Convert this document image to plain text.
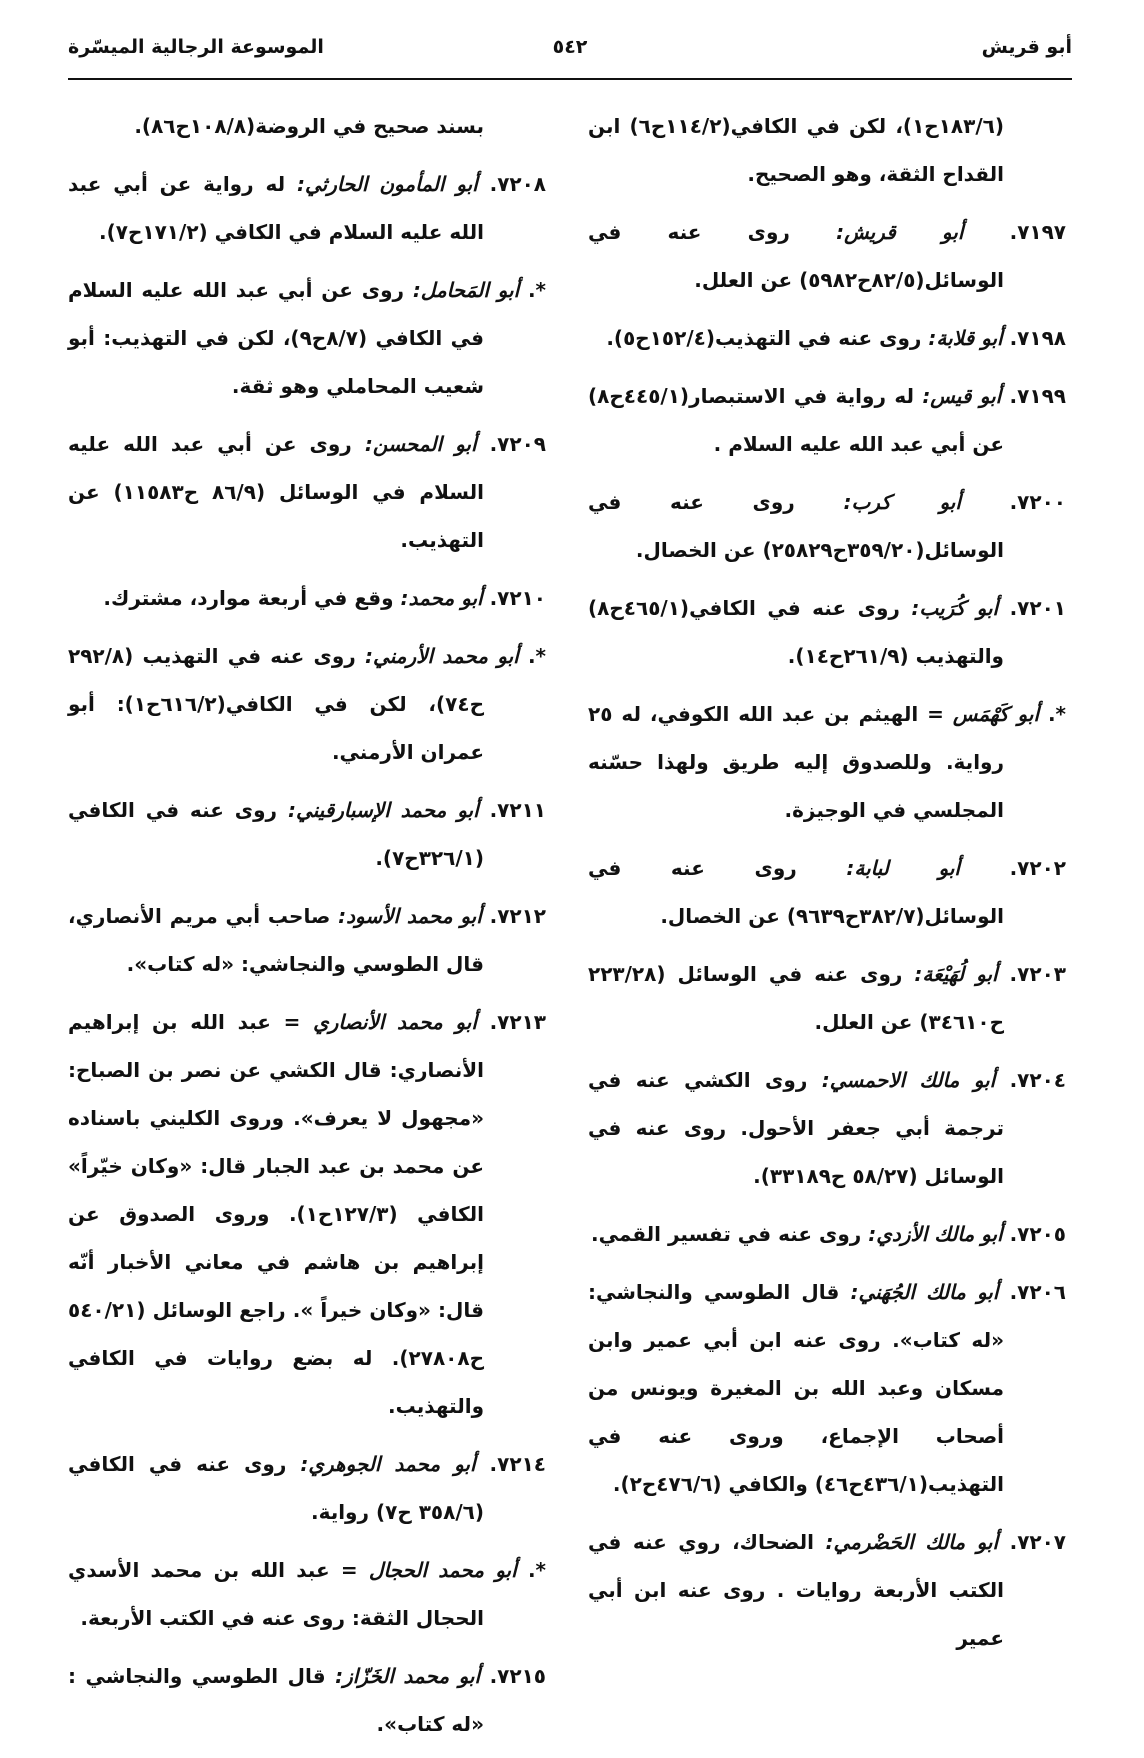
أبو قريش
٥٤٢
الموسوعة الرجالية الميسّرة

(١٨٣/٦ح١)، لكن في الكافي(١١٤/٢ح٦) ابن القداح الثقة، وهو الصحيح.

٧١٩٧. أبو قريش: روى عنه في الوسائل(٨٢/٥ح٥٩٨٢) عن العلل.

٧١٩٨. أبو قلابة: روى عنه في التهذيب(١٥٢/٤ح٥).

٧١٩٩. أبو قيس: له رواية في الاستبصار(٤٤٥/١ح٨) عن أبي عبد الله عليه السلام .

٧٢٠٠. أبو كرب: روى عنه في الوسائل(٣٥٩/٢٠ح٢٥٨٢٩) عن الخصال.

٧٢٠١. أبو كُرَيب: روى عنه في الكافي(٤٦٥/١ح٨) والتهذيب (٢٦١/٩ح١٤).

*. أبو كَهْمَس = الهيثم بن عبد الله الكوفي، له ٢٥ رواية. وللصدوق إليه طريق ولهذا حسّنه المجلسي في الوجيزة.

٧٢٠٢. أبو لبابة: روى عنه في الوسائل(٣٨٢/٧ح٩٦٣٩) عن الخصال.

٧٢٠٣. أبو لُهَيْعَة: روى عنه في الوسائل (٢٢٣/٢٨ ح٣٤٦١٠) عن العلل.

٧٢٠٤. أبو مالك الاحمسي: روى الكشي عنه في ترجمة أبي جعفر الأحول. روى عنه في الوسائل (٥٨/٢٧ ح٣٣١٨٩).

٧٢٠٥. أبو مالك الأزدي: روى عنه في تفسير القمي.

٧٢٠٦. أبو مالك الجُهَني: قال الطوسي والنجاشي: «له كتاب». روى عنه ابن أبي عمير وابن مسكان وعبد الله بن المغيرة ويونس من أصحاب الإجماع، وروى عنه في التهذيب(٤٣٦/١ح٤٦) والكافي (٤٧٦/٦ح٢).

٧٢٠٧. أبو مالك الحَضْرمي: الضحاك، روي عنه في الكتب الأربعة روايات . روى عنه ابن أبي عمير

بسند صحيح في الروضة(١٠٨/٨ح٨٦).

٧٢٠٨. أبو المأمون الحارثي: له رواية عن أبي عبد الله عليه السلام في الكافي (١٧١/٢ح٧).

*. أبو المَحامل: روى عن أبي عبد الله عليه السلام في الكافي (٨/٧ح٩)، لكن في التهذيب: أبو شعيب المحاملي وهو ثقة.

٧٢٠٩. أبو المحسن: روى عن أبي عبد الله عليه السلام في الوسائل (٨٦/٩ ح١١٥٨٣) عن التهذيب.

٧٢١٠. أبو محمد: وقع في أربعة موارد، مشترك.

*. أبو محمد الأرمني: روى عنه في التهذيب (٢٩٢/٨ ح٧٤)، لكن في الكافي(٦١٦/٢ح١): أبو عمران الأرمني.

٧٢١١. أبو محمد الإسبارقيني: روى عنه في الكافي (٣٢٦/١ح٧).

٧٢١٢. أبو محمد الأسود: صاحب أبي مريم الأنصاري، قال الطوسي والنجاشي: «له كتاب».

٧٢١٣. أبو محمد الأنصاري = عبد الله بن إبراهيم الأنصاري: قال الكشي عن نصر بن الصباح: «مجهول لا يعرف». وروى الكليني باسناده عن محمد بن عبد الجبار قال: «وكان خيّراً» الكافي (١٢٧/٣ح١). وروى الصدوق عن إبراهيم بن هاشم في معاني الأخبار أنّه قال: «وكان خيراً ». راجع الوسائل (٥٤٠/٢١ ح٢٧٨٠٨). له بضع روايات في الكافي والتهذيب.

٧٢١٤. أبو محمد الجوهري: روى عنه في الكافي (٣٥٨/٦ ح٧) رواية.

*. أبو محمد الحجال = عبد الله بن محمد الأسدي الحجال الثقة: روى عنه في الكتب الأربعة.

٧٢١٥. أبو محمد الخَزّاز: قال الطوسي والنجاشي : «له كتاب».
